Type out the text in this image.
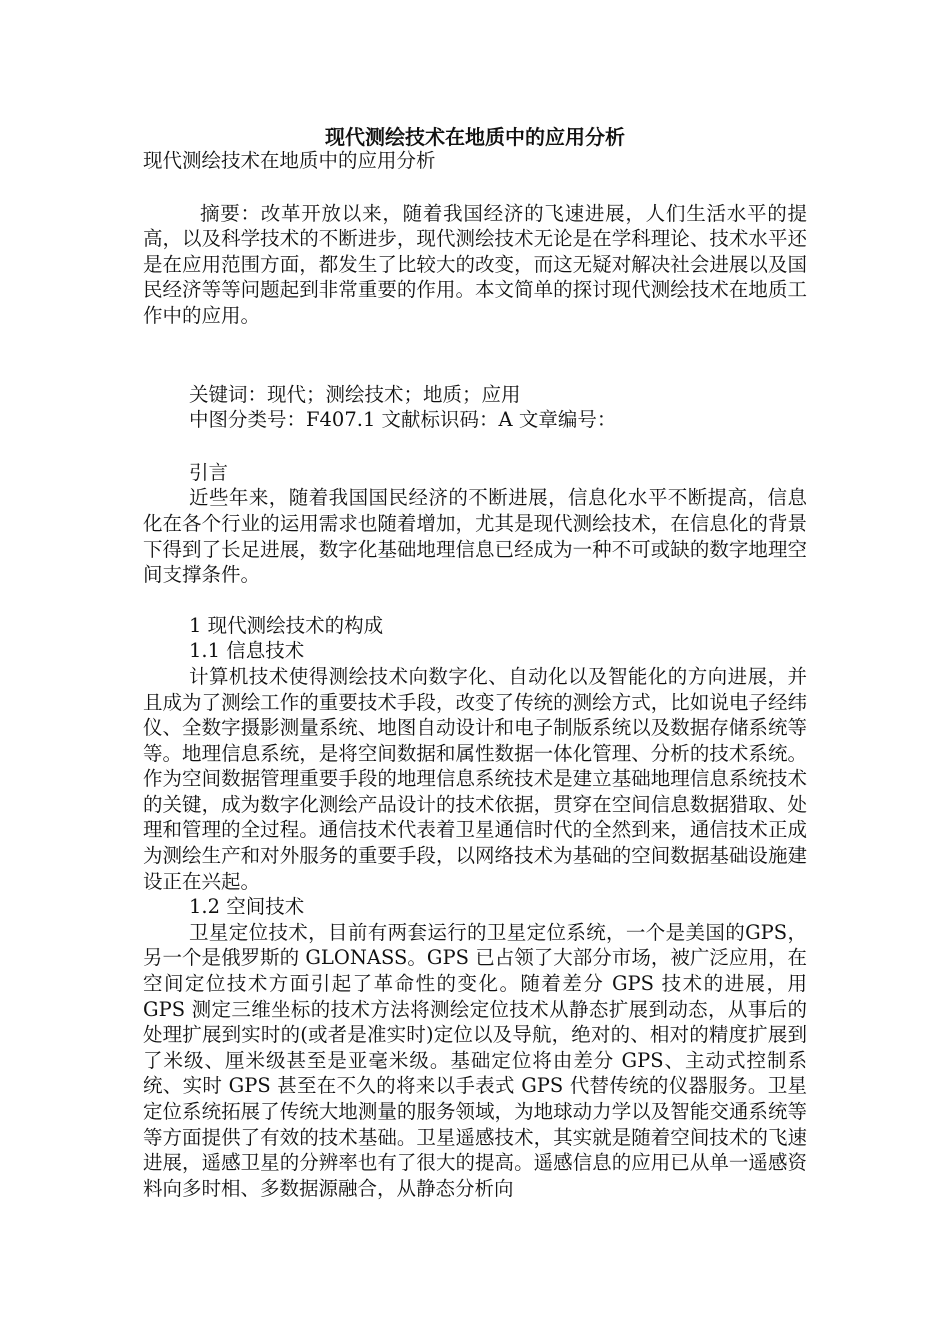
现代测绘技术在地质中的应用分析

现代测绘技术在地质中的应用分析

摘要：改革开放以来，随着我国经济的飞速进展，人们生活水平的提高，以及科学技术的不断进步，现代测绘技术无论是在学科理论、技术水平还是在应用范围方面，都发生了比较大的改变，而这无疑对解决社会进展以及国民经济等等问题起到非常重要的作用。本文简单的探讨现代测绘技术在地质工作中的应用。

关键词：现代；测绘技术；地质；应用

中图分类号：F407.1 文献标识码：A 文章编号：

引言

近些年来，随着我国国民经济的不断进展，信息化水平不断提高，信息化在各个行业的运用需求也随着增加，尤其是现代测绘技术，在信息化的背景下得到了长足进展，数字化基础地理信息已经成为一种不可或缺的数字地理空间支撑条件。

1 现代测绘技术的构成

1.1 信息技术

计算机技术使得测绘技术向数字化、自动化以及智能化的方向进展，并且成为了测绘工作的重要技术手段，改变了传统的测绘方式，比如说电子经纬仪、全数字摄影测量系统、地图自动设计和电子制版系统以及数据存储系统等等。地理信息系统，是将空间数据和属性数据一体化管理、分析的技术系统。作为空间数据管理重要手段的地理信息系统技术是建立基础地理信息系统技术的关键，成为数字化测绘产品设计的技术依据，贯穿在空间信息数据猎取、处理和管理的全过程。通信技术代表着卫星通信时代的全然到来，通信技术正成为测绘生产和对外服务的重要手段，以网络技术为基础的空间数据基础设施建设正在兴起。

1.2 空间技术

卫星定位技术，目前有两套运行的卫星定位系统，一个是美国的GPS，另一个是俄罗斯的 GLONASS。GPS 已占领了大部分市场，被广泛应用，在空间定位技术方面引起了革命性的变化。随着差分 GPS 技术的进展，用 GPS 测定三维坐标的技术方法将测绘定位技术从静态扩展到动态，从事后的处理扩展到实时的(或者是准实时)定位以及导航，绝对的、相对的精度扩展到了米级、厘米级甚至是亚毫米级。基础定位将由差分 GPS、主动式控制系统、实时 GPS 甚至在不久的将来以手表式 GPS 代替传统的仪器服务。卫星定位系统拓展了传统大地测量的服务领域，为地球动力学以及智能交通系统等等方面提供了有效的技术基础。卫星遥感技术，其实就是随着空间技术的飞速进展，遥感卫星的分辨率也有了很大的提高。遥感信息的应用已从单一遥感资料向多时相、多数据源融合，从静态分析向
